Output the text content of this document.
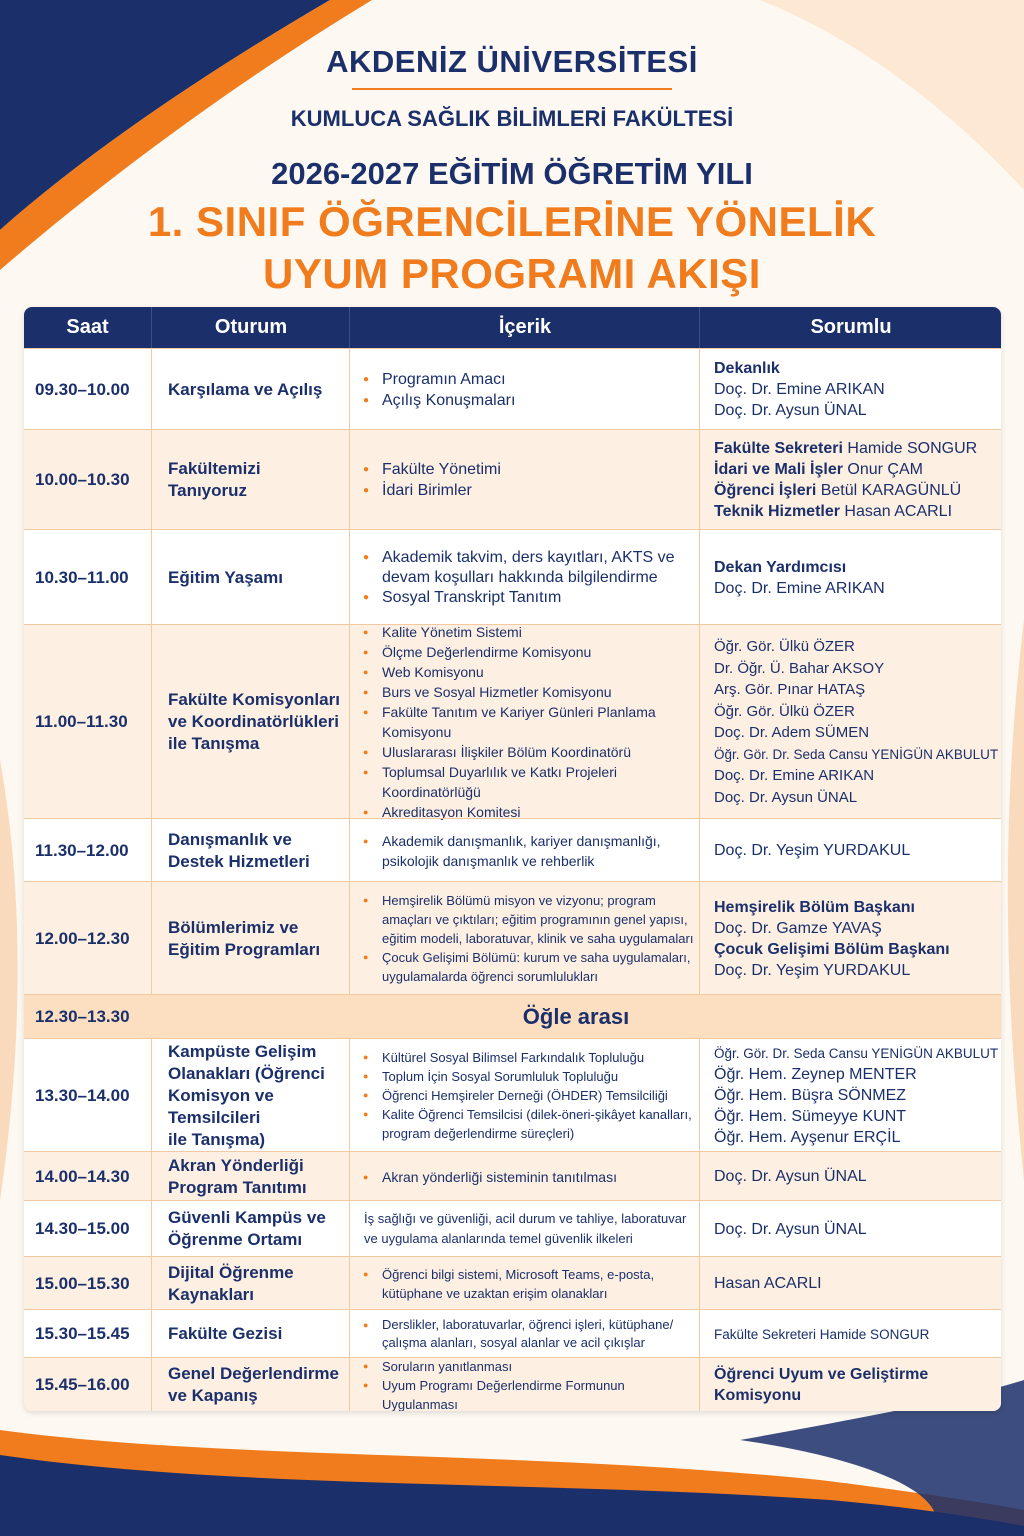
AKDENİZ ÜNİVERSİTESİ
KUMLUCA SAĞLIK BİLİMLERİ FAKÜLTESİ
2026-2027 EĞİTİM ÖĞRETİM YILI
1. SINIF ÖĞRENCİLERİNE YÖNELİK
UYUM PROGRAMI AKIŞI
Saat	Oturum	İçerik	Sorumlu
09.30–10.00	Karşılama ve Açılış
● Programın Amacı
● Açılış Konuşmaları
Dekanlık
Doç. Dr. Emine ARIKAN
Doç. Dr. Aysun ÜNAL
10.00–10.30
Fakültemizi
Tanıyoruz
● Fakülte Yönetimi
● İdari Birimler
Fakülte Sekreteri Hamide SONGUR
İdari ve Mali İşler Onur ÇAM
Öğrenci İşleri Betül KARAGÜNLÜ
Teknik Hizmetler Hasan ACARLI
10.30–11.00	Eğitim Yaşamı
● Akademik takvim, ders kayıtları, AKTS ve devam koşulları hakkında bilgilendirme
● Sosyal Transkript Tanıtım
Dekan Yardımcısı
Doç. Dr. Emine ARIKAN
11.00–11.30
Fakülte Komisyonları
ve Koordinatörlükleri
ile Tanışma
● Kalite Yönetim Sistemi
● Ölçme Değerlendirme Komisyonu
● Web Komisyonu
● Burs ve Sosyal Hizmetler Komisyonu
● Fakülte Tanıtım ve Kariyer Günleri Planlama Komisyonu
● Uluslararası İlişkiler Bölüm Koordinatörü
● Toplumsal Duyarlılık ve Katkı Projeleri Koordinatörlüğü
● Akreditasyon Komitesi
Öğr. Gör. Ülkü ÖZER
Dr. Öğr. Ü. Bahar AKSOY
Arş. Gör. Pınar HATAŞ
Öğr. Gör. Ülkü ÖZER
Doç. Dr. Adem SÜMEN
Öğr. Gör. Dr. Seda Cansu YENİGÜN AKBULUT
Doç. Dr. Emine ARIKAN
Doç. Dr. Aysun ÜNAL
11.30–12.00
Danışmanlık ve
Destek Hizmetleri
● Akademik danışmanlık, kariyer danışmanlığı, psikolojik danışmanlık ve rehberlik
Doç. Dr. Yeşim YURDAKUL
12.00–12.30
Bölümlerimiz ve
Eğitim Programları
● Hemşirelik Bölümü misyon ve vizyonu; program amaçları ve çıktıları; eğitim programının genel yapısı, eğitim modeli, laboratuvar, klinik ve saha uygulamaları
● Çocuk Gelişimi Bölümü: kurum ve saha uygulamaları, uygulamalarda öğrenci sorumlulukları
Hemşirelik Bölüm Başkanı
Doç. Dr. Gamze YAVAŞ
Çocuk Gelişimi Bölüm Başkanı
Doç. Dr. Yeşim YURDAKUL
12.30–13.30	Öğle arası
13.30–14.00
Kampüste Gelişim
Olanakları (Öğrenci
Komisyon ve Temsilcileri
ile Tanışma)
● Kültürel Sosyal Bilimsel Farkındalık Topluluğu
● Toplum İçin Sosyal Sorumluluk Topluluğu
● Öğrenci Hemşireler Derneği (ÖHDER) Temsilciliği
● Kalite Öğrenci Temsilcisi (dilek-öneri-şikâyet kanalları, program değerlendirme süreçleri)
Öğr. Gör. Dr. Seda Cansu YENİGÜN AKBULUT
Öğr. Hem. Zeynep MENTER
Öğr. Hem. Büşra SÖNMEZ
Öğr. Hem. Sümeyye KUNT
Öğr. Hem. Ayşenur ERÇİL
14.00–14.30
Akran Yönderliği
Program Tanıtımı
● Akran yönderliği sisteminin tanıtılması	Doç. Dr. Aysun ÜNAL
14.30–15.00
Güvenli Kampüs ve
Öğrenme Ortamı
İş sağlığı ve güvenliği, acil durum ve tahliye, laboratuvar ve uygulama alanlarında temel güvenlik ilkeleri
Doç. Dr. Aysun ÜNAL
15.00–15.30
Dijital Öğrenme
Kaynakları
● Öğrenci bilgi sistemi, Microsoft Teams, e-posta, kütüphane ve uzaktan erişim olanakları
Hasan ACARLI
15.30–15.45	Fakülte Gezisi
●	Derslikler, laboratuvarlar, öğrenci işleri, kütüphane/çalışma alanları, sosyal alanlar ve acil çıkışlar
Fakülte Sekreteri Hamide SONGUR
15.45–16.00
Genel Değerlendirme
ve Kapanış
● Soruların yanıtlanması
● Uyum Programı Değerlendirme Formunun Uygulanması
Öğrenci Uyum ve Geliştirme Komisyonu
